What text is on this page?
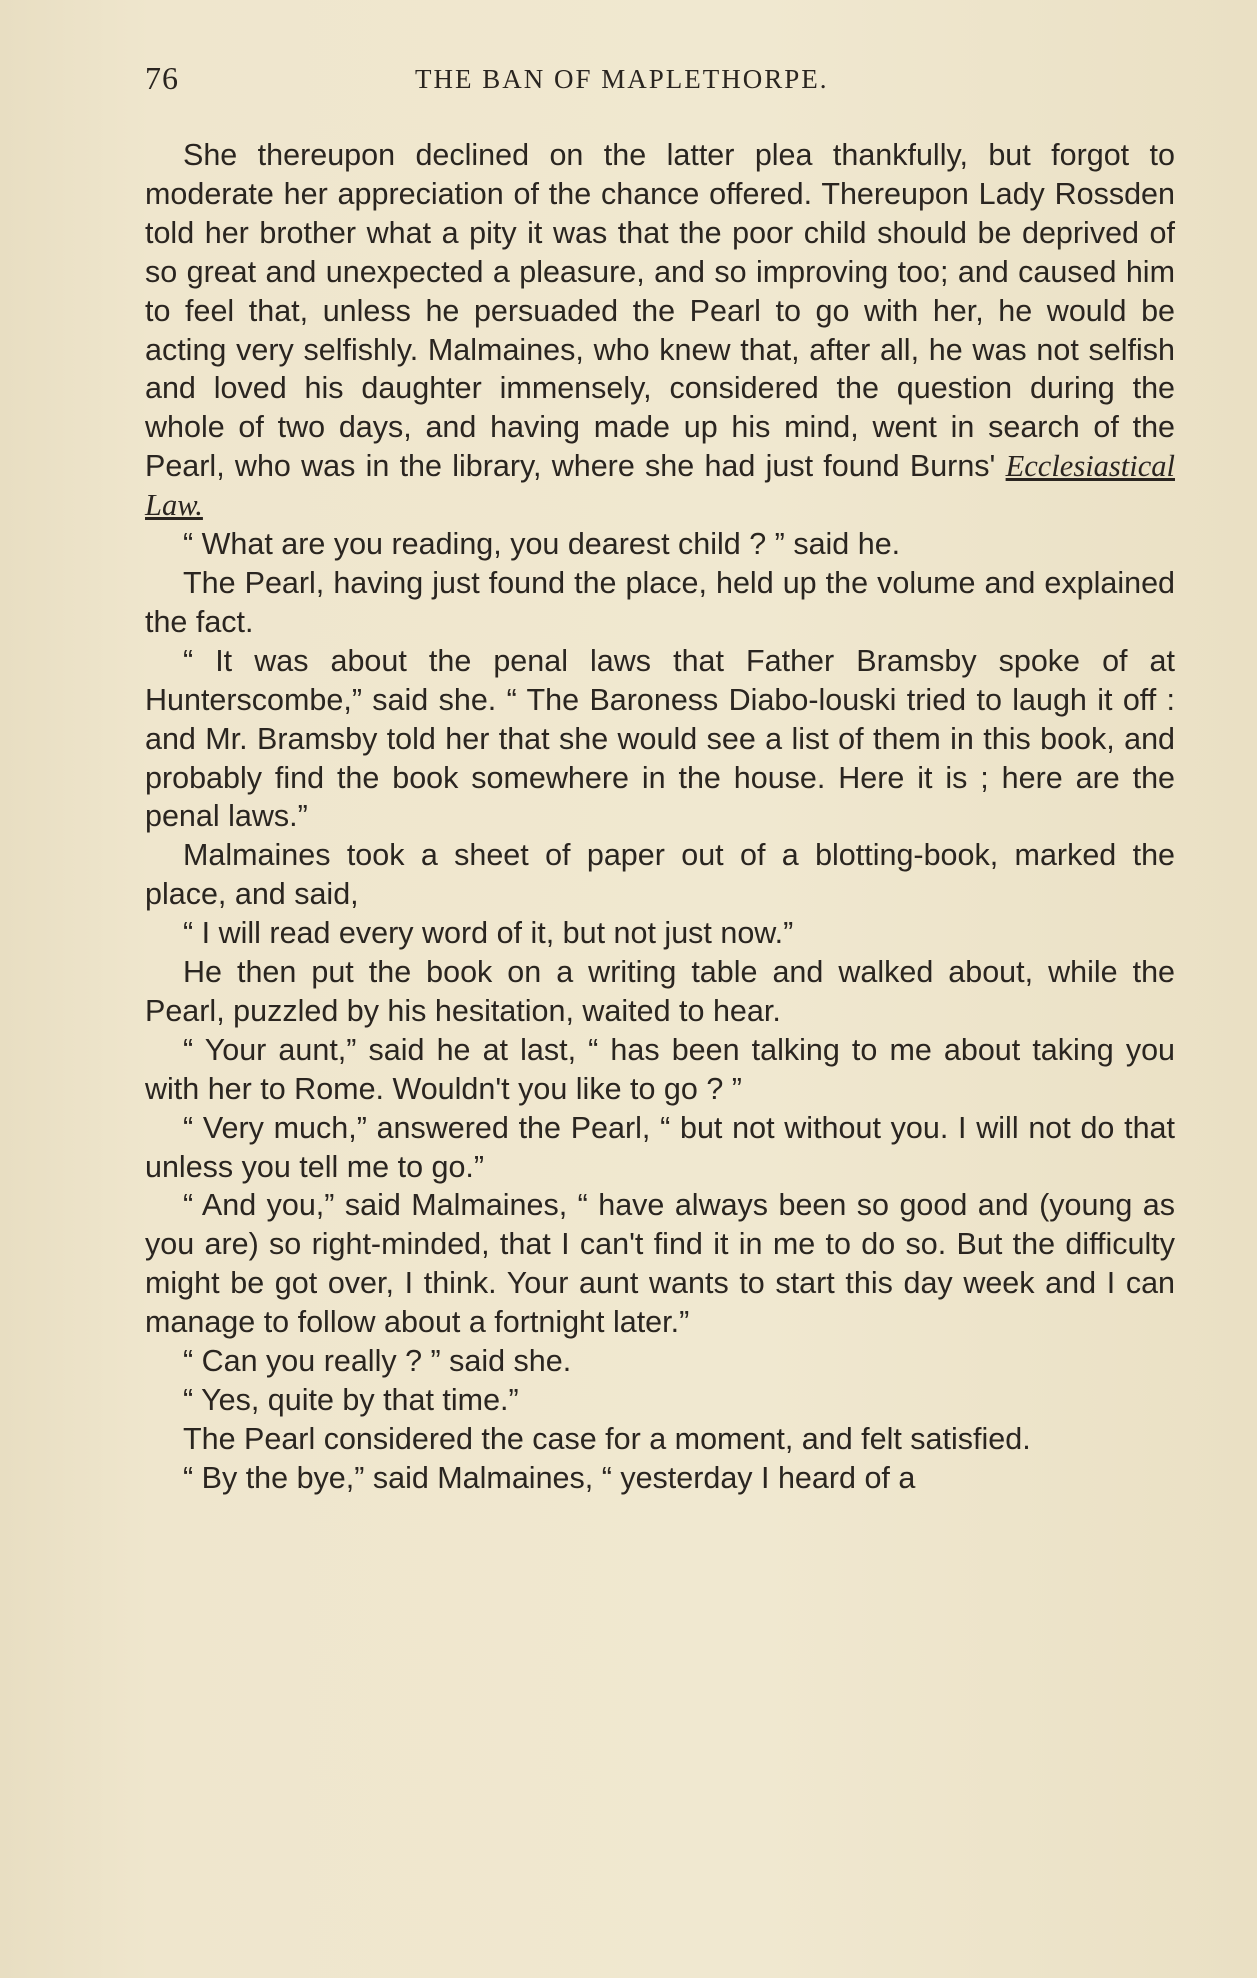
76	THE BAN OF MAPLETHORPE.

She thereupon declined on the latter plea thankfully, but forgot to moderate her appreciation of the chance offered. Thereupon Lady Rossden told her brother what a pity it was that the poor child should be deprived of so great and unexpected a pleasure, and so improving too; and caused him to feel that, unless he persuaded the Pearl to go with her, he would be acting very selfishly. Malmaines, who knew that, after all, he was not selfish and loved his daughter immensely, considered the question during the whole of two days, and having made up his mind, went in search of the Pearl, who was in the library, where she had just found Burns' Ecclesiastical Law.

“ What are you reading, you dearest child ? ” said he.

The Pearl, having just found the place, held up the volume and explained the fact.

“ It was about the penal laws that Father Bramsby spoke of at Hunterscombe,” said she. “ The Baroness Diabo-louski tried to laugh it off : and Mr. Bramsby told her that she would see a list of them in this book, and probably find the book somewhere in the house. Here it is ; here are the penal laws.”

Malmaines took a sheet of paper out of a blotting-book, marked the place, and said,

“ I will read every word of it, but not just now.”

He then put the book on a writing table and walked about, while the Pearl, puzzled by his hesitation, waited to hear.

“ Your aunt,” said he at last, “ has been talking to me about taking you with her to Rome. Wouldn't you like to go ? ”

“ Very much,” answered the Pearl, “ but not without you. I will not do that unless you tell me to go.”

“ And you,” said Malmaines, “ have always been so good and (young as you are) so right-minded, that I can't find it in me to do so. But the difficulty might be got over, I think. Your aunt wants to start this day week and I can manage to follow about a fortnight later.”

“ Can you really ? ” said she.

“ Yes, quite by that time.”

The Pearl considered the case for a moment, and felt satisfied.

“ By the bye,” said Malmaines, “ yesterday I heard of a
